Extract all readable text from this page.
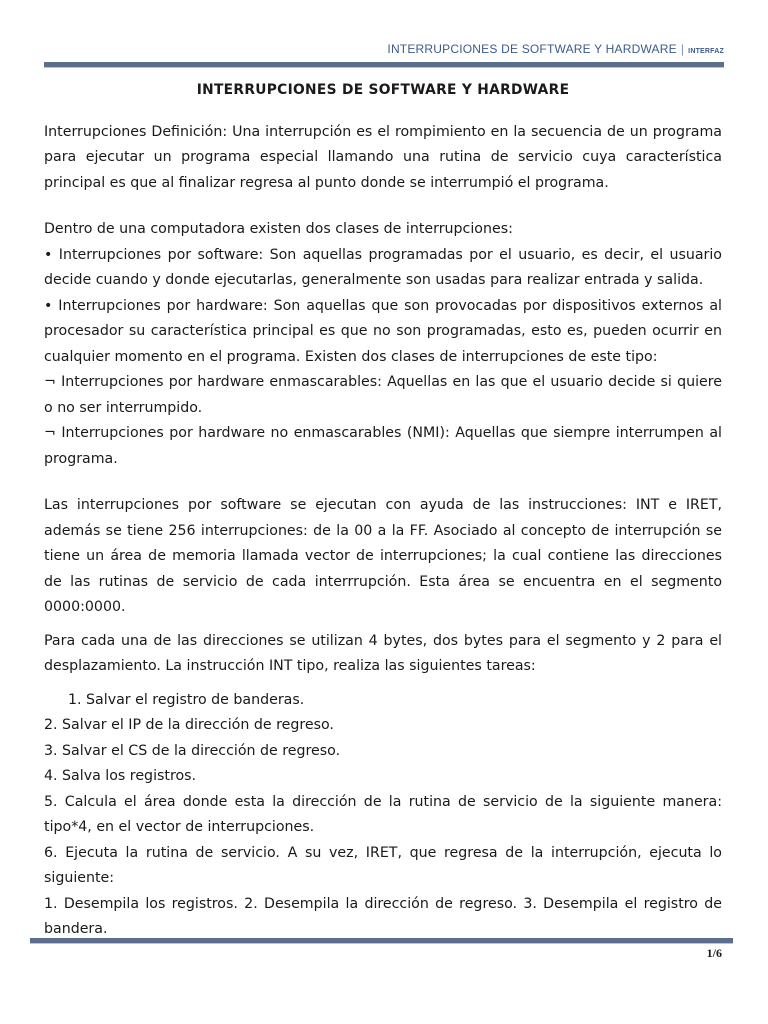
INTERRUPCIONES DE SOFTWARE Y HARDWARE | INTERFAZ
INTERRUPCIONES DE SOFTWARE Y HARDWARE

Interrupciones Definición: Una interrupción es el rompimiento en la secuencia de un programa para ejecutar un programa especial llamando una rutina de servicio cuya característica principal es que al finalizar regresa al punto donde se interrumpió el programa.

Dentro de una computadora existen dos clases de interrupciones:

• Interrupciones por software: Son aquellas programadas por el usuario, es decir, el usuario decide cuando y donde ejecutarlas, generalmente son usadas para realizar entrada y salida.

• Interrupciones por hardware: Son aquellas que son provocadas por dispositivos externos al procesador su característica principal es que no son programadas, esto es, pueden ocurrir en cualquier momento en el programa. Existen dos clases de interrupciones de este tipo:

¬ Interrupciones por hardware enmascarables: Aquellas en las que el usuario decide si quiere o no ser interrumpido.

¬ Interrupciones por hardware no enmascarables (NMI): Aquellas que siempre interrumpen al programa.

Las interrupciones por software se ejecutan con ayuda de las instrucciones: INT e IRET, además se tiene 256 interrupciones: de la 00 a la FF. Asociado al concepto de interrupción se tiene un área de memoria llamada vector de interrupciones; la cual contiene las direcciones de las rutinas de servicio de cada interrrupción. Esta área se encuentra en el segmento 0000:0000.

Para cada una de las direcciones se utilizan 4 bytes, dos bytes para el segmento y 2 para el desplazamiento. La instrucción INT tipo, realiza las siguientes tareas:

1. Salvar el registro de banderas.

2. Salvar el IP de la dirección de regreso.

3. Salvar el CS de la dirección de regreso.

4. Salva los registros.

5. Calcula el área donde esta la dirección de la rutina de servicio de la siguiente manera: tipo*4, en el vector de interrupciones.

6. Ejecuta la rutina de servicio. A su vez, IRET, que regresa de la interrupción, ejecuta lo siguiente:

1. Desempila los registros. 2. Desempila la dirección de regreso. 3. Desempila el registro de bandera.

1/6
